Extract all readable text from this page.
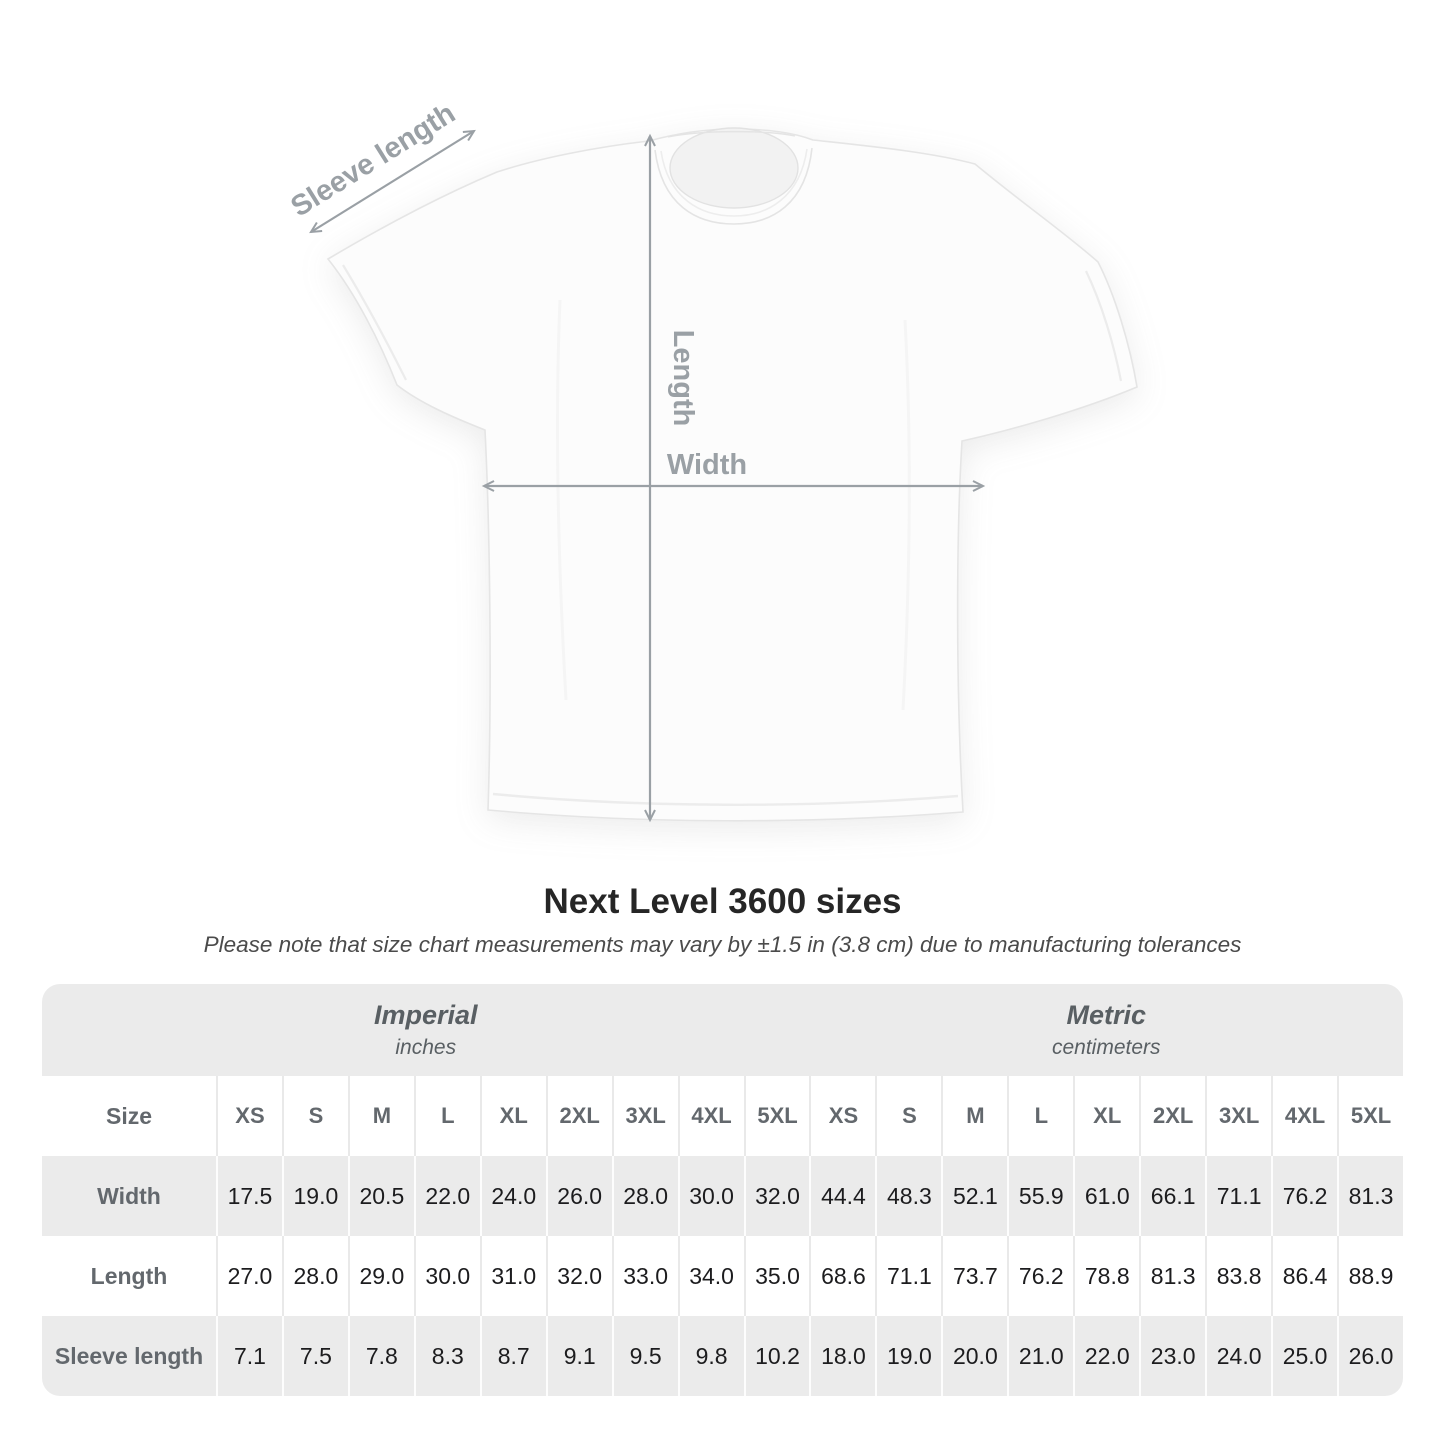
Sleeve length
Length
Width
Next Level 3600 sizes

Please note that size chart measurements may vary by ±1.5 in (3.8 cm) due to manufacturing tolerances

Imperial
inches
Metric
centimeters
Size	XS	S	M	L	XL	2XL	3XL	4XL	5XL	XS	S	M	L	XL	2XL	3XL	4XL	5XL
Width	17.5 19.0 20.5 22.0 24.0 26.0 28.0 30.0 32.0 44.4 48.3 52.1 55.9 61.0 66.1 71.1 76.2 81.3
Length	27.0 28.0 29.0 30.0 31.0 32.0 33.0 34.0 35.0 68.6 71.1 73.7 76.2 78.8 81.3 83.8 86.4 88.9
Sleeve length	7.1	7.5	7.8	8.3	8.7	9.1	9.5	9.8	10.2 18.0 19.0 20.0 21.0 22.0 23.0 24.0 25.0 26.0
